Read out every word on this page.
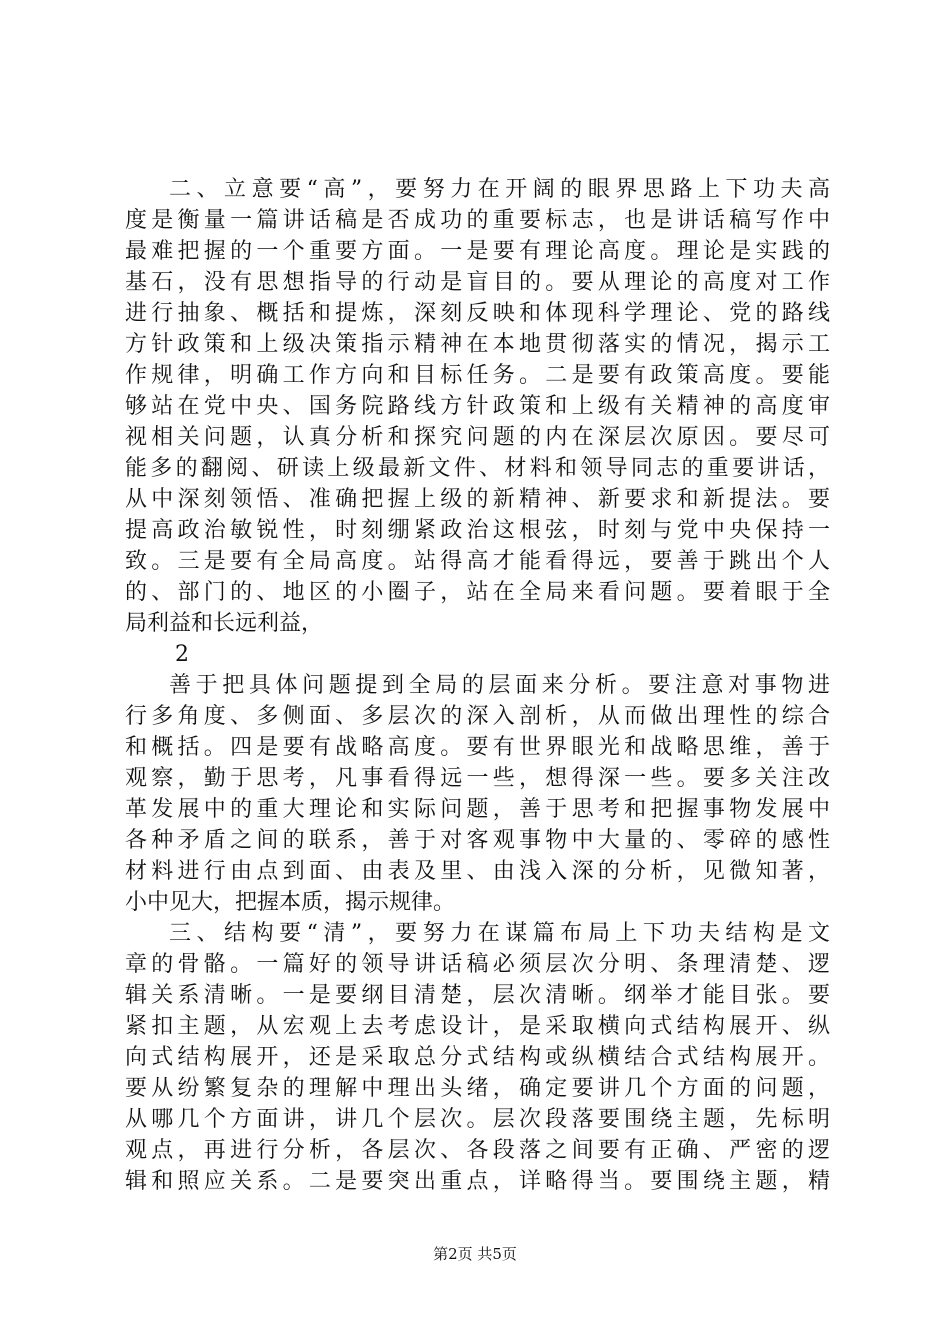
二、立意要“高”，要努力在开阔的眼界思路上下功夫高
度是衡量一篇讲话稿是否成功的重要标志，也是讲话稿写作中
最难把握的一个重要方面。一是要有理论高度。理论是实践的
基石，没有思想指导的行动是盲目的。要从理论的高度对工作
进行抽象、概括和提炼，深刻反映和体现科学理论、党的路线
方针政策和上级决策指示精神在本地贯彻落实的情况，揭示工
作规律，明确工作方向和目标任务。二是要有政策高度。要能
够站在党中央、国务院路线方针政策和上级有关精神的高度审
视相关问题，认真分析和探究问题的内在深层次原因。要尽可
能多的翻阅、研读上级最新文件、材料和领导同志的重要讲话，
从中深刻领悟、准确把握上级的新精神、新要求和新提法。要
提高政治敏锐性，时刻绷紧政治这根弦，时刻与党中央保持一
致。三是要有全局高度。站得高才能看得远，要善于跳出个人
的、部门的、地区的小圈子，站在全局来看问题。要着眼于全
局利益和长远利益，
2
善于把具体问题提到全局的层面来分析。要注意对事物进
行多角度、多侧面、多层次的深入剖析，从而做出理性的综合
和概括。四是要有战略高度。要有世界眼光和战略思维，善于
观察，勤于思考，凡事看得远一些，想得深一些。要多关注改
革发展中的重大理论和实际问题，善于思考和把握事物发展中
各种矛盾之间的联系，善于对客观事物中大量的、零碎的感性
材料进行由点到面、由表及里、由浅入深的分析，见微知著，
小中见大，把握本质，揭示规律。
三、结构要“清”，要努力在谋篇布局上下功夫结构是文
章的骨骼。一篇好的领导讲话稿必须层次分明、条理清楚、逻
辑关系清晰。一是要纲目清楚，层次清晰。纲举才能目张。要
紧扣主题，从宏观上去考虑设计，是采取横向式结构展开、纵
向式结构展开，还是采取总分式结构或纵横结合式结构展开。
要从纷繁复杂的理解中理出头绪，确定要讲几个方面的问题，
从哪几个方面讲，讲几个层次。层次段落要围绕主题，先标明
观点，再进行分析，各层次、各段落之间要有正确、严密的逻
辑和照应关系。二是要突出重点，详略得当。要围绕主题，精
第2页 共5页
